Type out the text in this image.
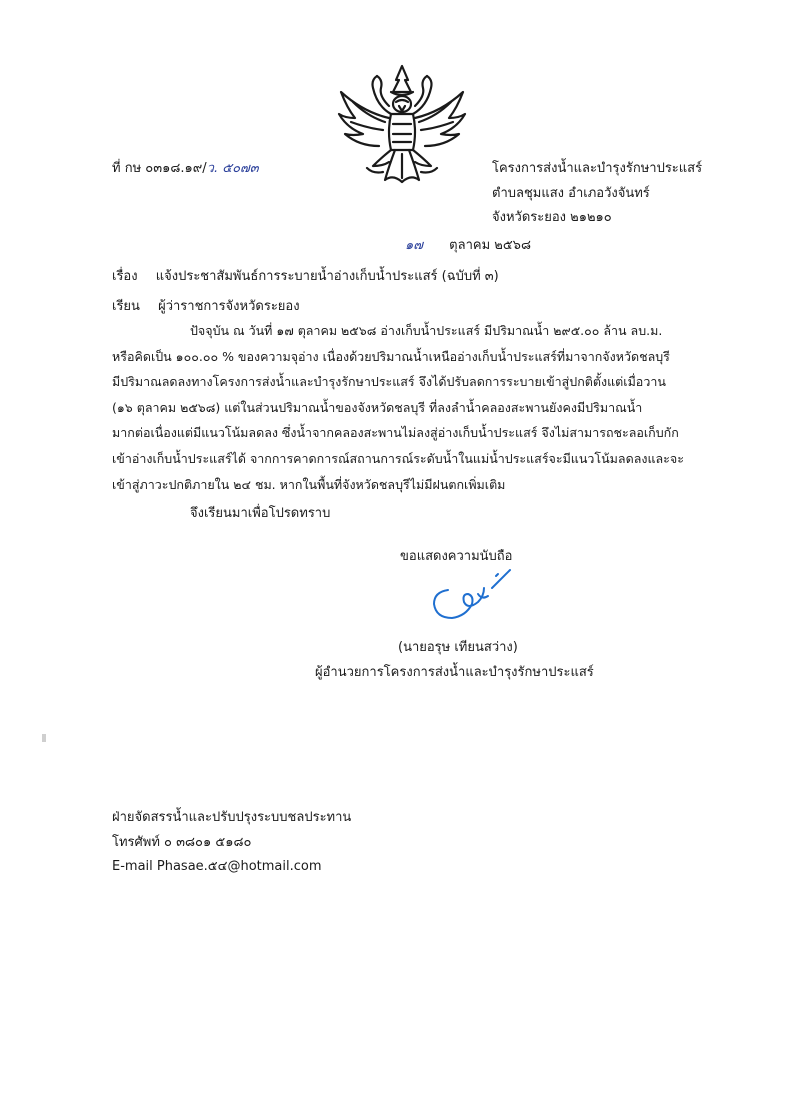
ที่ กษ ๐๓๑๘.๑๙/ว. ๕๐๗๓	โครงการส่งน้ำและบำรุงรักษาประแสร์
ตำบลชุมแสง อำเภอวังจันทร์
จังหวัดระยอง ๒๑๒๑๐
๑๗ ตุลาคม ๒๕๖๘
เรื่อง แจ้งประชาสัมพันธ์การระบายน้ำอ่างเก็บน้ำประแสร์ (ฉบับที่ ๓)
เรียน ผู้ว่าราชการจังหวัดระยอง
ปัจจุบัน ณ วันที่ ๑๗ ตุลาคม ๒๕๖๘ อ่างเก็บน้ำประแสร์ มีปริมาณน้ำ ๒๙๕.๐๐ ล้าน ลบ.ม.
หรือคิดเป็น ๑๐๐.๐๐ % ของความจุอ่าง เนื่องด้วยปริมาณน้ำเหนืออ่างเก็บน้ำประแสร์ที่มาจากจังหวัดชลบุรี
มีปริมาณลดลงทางโครงการส่งน้ำและบำรุงรักษาประแสร์ จึงได้ปรับลดการระบายเข้าสู่ปกติตั้งแต่เมื่อวาน
(๑๖ ตุลาคม ๒๕๖๘) แต่ในส่วนปริมาณน้ำของจังหวัดชลบุรี ที่ลงลำน้ำคลองสะพานยังคงมีปริมาณน้ำ
มากต่อเนื่องแต่มีแนวโน้มลดลง ซึ่งน้ำจากคลองสะพานไม่ลงสู่อ่างเก็บน้ำประแสร์ จึงไม่สามารถชะลอเก็บกัก
เข้าอ่างเก็บน้ำประแสร์ได้ จากการคาดการณ์สถานการณ์ระดับน้ำในแม่น้ำประแสร์จะมีแนวโน้มลดลงและจะ
เข้าสู่ภาวะปกติภายใน ๒๔ ชม. หากในพื้นที่จังหวัดชลบุรีไม่มีฝนตกเพิ่มเติม
จึงเรียนมาเพื่อโปรดทราบ
ขอแสดงความนับถือ
(นายอรุษ เทียนสว่าง)
ผู้อำนวยการโครงการส่งน้ำและบำรุงรักษาประแสร์
ฝ่ายจัดสรรน้ำและปรับปรุงระบบชลประทาน
โทรศัพท์ ๐ ๓๘๐๑ ๕๑๘๐
E-mail Phasae.๕๔@hotmail.com
